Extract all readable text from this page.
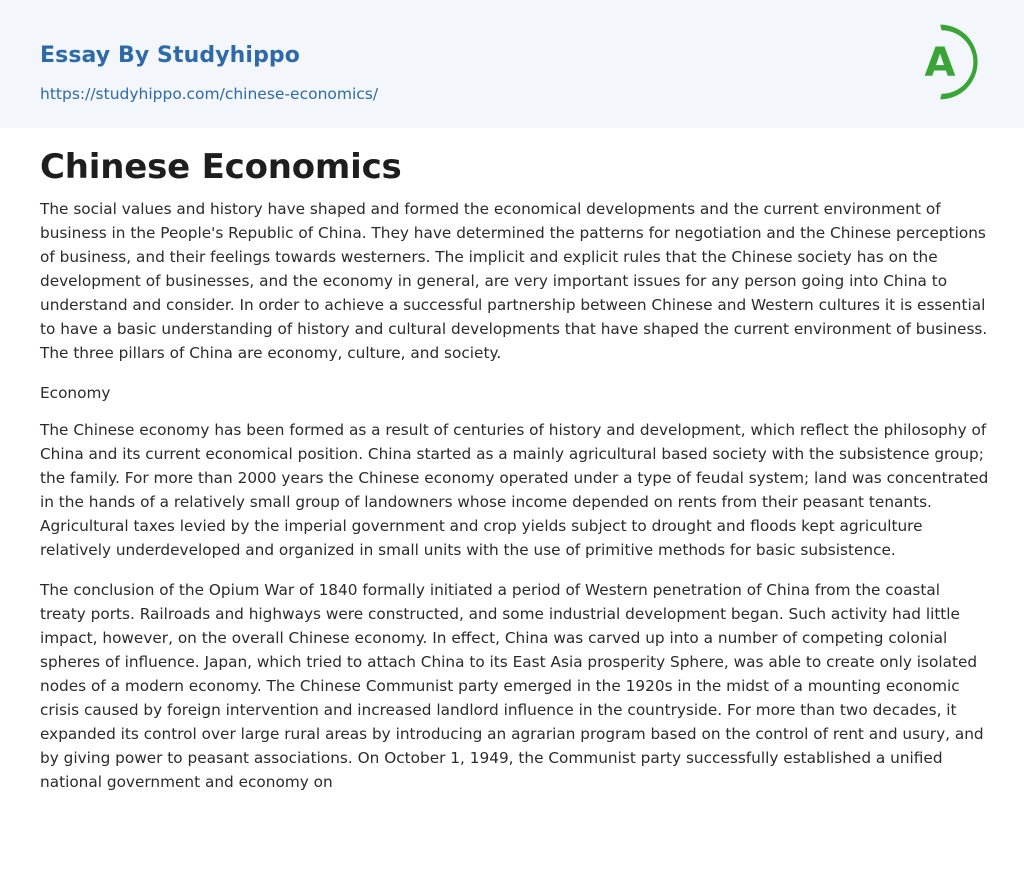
Essay By Studyhippo
https://studyhippo.com/chinese-economics/
A
Chinese Economics

The social values and history have shaped and formed the economical developments and the current environment of business in the People's Republic of China. They have determined the patterns for negotiation and the Chinese perceptions of business, and their feelings towards westerners. The implicit and explicit rules that the Chinese society has on the development of businesses, and the economy in general, are very important issues for any person going into China to understand and consider. In order to achieve a successful partnership between Chinese and Western cultures it is essential to have a basic understanding of history and cultural developments that have shaped the current environment of business. The three pillars of China are economy, culture, and society.

Economy

The Chinese economy has been formed as a result of centuries of history and development, which reflect the philosophy of China and its current economical position. China started as a mainly agricultural based society with the subsistence group; the family. For more than 2000 years the Chinese economy operated under a type of feudal system; land was concentrated in the hands of a relatively small group of landowners whose income depended on rents from their peasant tenants. Agricultural taxes levied by the imperial government and crop yields subject to drought and floods kept agriculture relatively underdeveloped and organized in small units with the use of primitive methods for basic subsistence.

The conclusion of the Opium War of 1840 formally initiated a period of Western penetration of China from the coastal treaty ports. Railroads and highways were constructed, and some industrial development began. Such activity had little impact, however, on the overall Chinese economy. In effect, China was carved up into a number of competing colonial spheres of influence. Japan, which tried to attach China to its East Asia prosperity Sphere, was able to create only isolated nodes of a modern economy. The Chinese Communist party emerged in the 1920s in the midst of a mounting economic crisis caused by foreign intervention and increased landlord influence in the countryside. For more than two decades, it expanded its control over large rural areas by introducing an agrarian program based on the control of rent and usury, and by giving power to peasant associations. On October 1, 1949, the Communist party successfully established a unified national government and economy on
